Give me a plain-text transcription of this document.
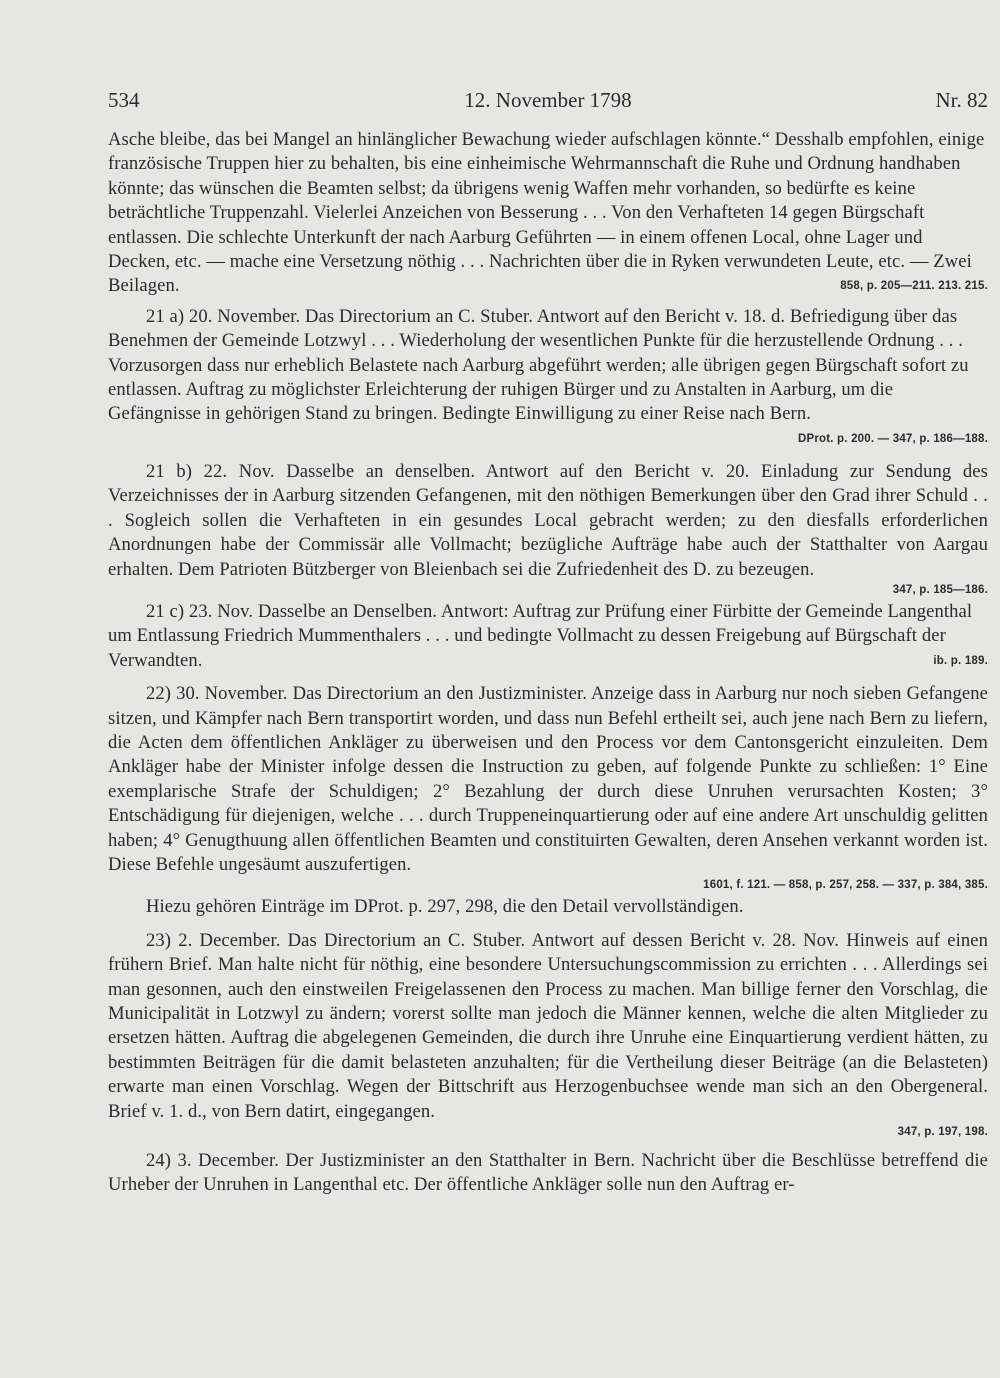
534	12. November 1798	Nr. 82

Asche bleibe, das bei Mangel an hinlänglicher Bewachung wieder aufschlagen könnte.“ Desshalb empfohlen, einige französische Truppen hier zu behalten, bis eine einheimische Wehrmannschaft die Ruhe und Ordnung handhaben könnte; das wünschen die Beamten selbst; da übrigens wenig Waffen mehr vorhanden, so bedürfte es keine beträchtliche Truppenzahl. Vielerlei Anzeichen von Besserung . . . Von den Verhafteten 14 gegen Bürgschaft entlassen. Die schlechte Unterkunft der nach Aarburg Geführten — in einem offenen Local, ohne Lager und Decken, etc. — mache eine Versetzung nöthig . . . Nachrichten über die in Ryken verwundeten Leute, etc. — Zwei Beilagen.	858, p. 205—211. 213. 215.

21 a) 20. November. Das Directorium an C. Stuber. Antwort auf den Bericht v. 18. d. Befriedigung über das Benehmen der Gemeinde Lotzwyl . . . Wiederholung der wesentlichen Punkte für die herzustellende Ordnung . . . Vorzusorgen dass nur erheblich Belastete nach Aarburg abgeführt werden; alle übrigen gegen Bürgschaft sofort zu entlassen. Auftrag zu möglichster Erleichterung der ruhigen Bürger und zu Anstalten in Aarburg, um die Gefängnisse in gehörigen Stand zu bringen. Bedingte Einwilligung zu einer Reise nach Bern.

DProt. p. 200. — 347, p. 186—188.

21 b) 22. Nov. Dasselbe an denselben. Antwort auf den Bericht v. 20. Einladung zur Sendung des Verzeichnisses der in Aarburg sitzenden Gefangenen, mit den nöthigen Bemerkungen über den Grad ihrer Schuld . . . Sogleich sollen die Verhafteten in ein gesundes Local gebracht werden; zu den diesfalls erforderlichen Anordnungen habe der Commissär alle Vollmacht; bezügliche Aufträge habe auch der Statthalter von Aargau erhalten. Dem Patrioten Bützberger von Bleienbach sei die Zufriedenheit des D. zu bezeugen.

347, p. 185—186.

21 c) 23. Nov. Dasselbe an Denselben. Antwort: Auftrag zur Prüfung einer Fürbitte der Gemeinde Langenthal um Entlassung Friedrich Mummenthalers . . . und bedingte Vollmacht zu dessen Freigebung auf Bürgschaft der Verwandten.	ib. p. 189.

22) 30. November. Das Directorium an den Justizminister. Anzeige dass in Aarburg nur noch sieben Gefangene sitzen, und Kämpfer nach Bern transportirt worden, und dass nun Befehl ertheilt sei, auch jene nach Bern zu liefern, die Acten dem öffentlichen Ankläger zu überweisen und den Process vor dem Cantonsgericht einzuleiten. Dem Ankläger habe der Minister infolge dessen die Instruction zu geben, auf folgende Punkte zu schließen: 1° Eine exemplarische Strafe der Schuldigen; 2° Bezahlung der durch diese Unruhen verursachten Kosten; 3° Entschädigung für diejenigen, welche . . . durch Truppeneinquartierung oder auf eine andere Art unschuldig gelitten haben; 4° Genugthuung allen öffentlichen Beamten und constituirten Gewalten, deren Ansehen verkannt worden ist. Diese Befehle ungesäumt auszufertigen.

1601, f. 121. — 858, p. 257, 258. — 337, p. 384, 385.

Hiezu gehören Einträge im DProt. p. 297, 298, die den Detail vervollständigen.

23) 2. December. Das Directorium an C. Stuber. Antwort auf dessen Bericht v. 28. Nov. Hinweis auf einen frühern Brief. Man halte nicht für nöthig, eine besondere Untersuchungscommission zu errichten . . . Allerdings sei man gesonnen, auch den einstweilen Freigelassenen den Process zu machen. Man billige ferner den Vorschlag, die Municipalität in Lotzwyl zu ändern; vorerst sollte man jedoch die Männer kennen, welche die alten Mitglieder zu ersetzen hätten. Auftrag die abgelegenen Gemeinden, die durch ihre Unruhe eine Einquartierung verdient hätten, zu bestimmten Beiträgen für die damit belasteten anzuhalten; für die Vertheilung dieser Beiträge (an die Belasteten) erwarte man einen Vorschlag. Wegen der Bittschrift aus Herzogenbuchsee wende man sich an den Obergeneral. Brief v. 1. d., von Bern datirt, eingegangen.

347, p. 197, 198.

24) 3. December. Der Justizminister an den Statthalter in Bern. Nachricht über die Beschlüsse betreffend die Urheber der Unruhen in Langenthal etc. Der öffentliche Ankläger solle nun den Auftrag er-
